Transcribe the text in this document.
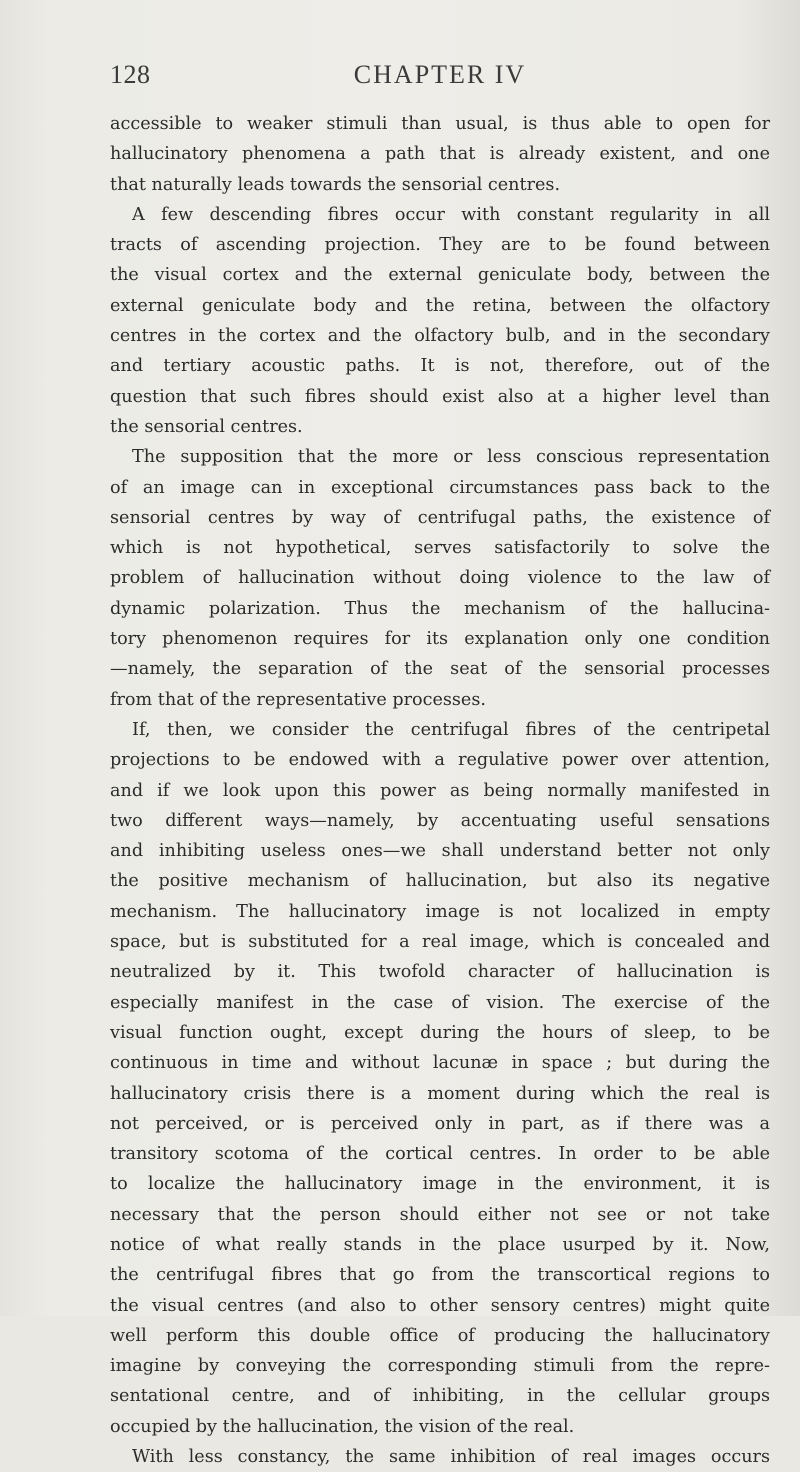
128	CHAPTER IV
accessible to weaker stimuli than usual, is thus able to open for
hallucinatory phenomena a path that is already existent, and one
that naturally leads towards the sensorial centres.
A few descending fibres occur with constant regularity in all
tracts of ascending projection. They are to be found between
the visual cortex and the external geniculate body, between the
external geniculate body and the retina, between the olfactory
centres in the cortex and the olfactory bulb, and in the secondary
and tertiary acoustic paths. It is not, therefore, out of the
question that such fibres should exist also at a higher level than
the sensorial centres.
The supposition that the more or less conscious representation
of an image can in exceptional circumstances pass back to the
sensorial centres by way of centrifugal paths, the existence of
which is not hypothetical, serves satisfactorily to solve the
problem of hallucination without doing violence to the law of
dynamic polarization. Thus the mechanism of the hallucina-
tory phenomenon requires for its explanation only one condition
—namely, the separation of the seat of the sensorial processes
from that of the representative processes.
If, then, we consider the centrifugal fibres of the centripetal
projections to be endowed with a regulative power over attention,
and if we look upon this power as being normally manifested in
two different ways—namely, by accentuating useful sensations
and inhibiting useless ones—we shall understand better not only
the positive mechanism of hallucination, but also its negative
mechanism. The hallucinatory image is not localized in empty
space, but is substituted for a real image, which is concealed and
neutralized by it. This twofold character of hallucination is
especially manifest in the case of vision. The exercise of the
visual function ought, except during the hours of sleep, to be
continuous in time and without lacunæ in space ; but during the
hallucinatory crisis there is a moment during which the real is
not perceived, or is perceived only in part, as if there was a
transitory scotoma of the cortical centres. In order to be able
to localize the hallucinatory image in the environment, it is
necessary that the person should either not see or not take
notice of what really stands in the place usurped by it. Now,
the centrifugal fibres that go from the transcortical regions to
the visual centres (and also to other sensory centres) might quite
well perform this double office of producing the hallucinatory
imagine by conveying the corresponding stimuli from the repre-
sentational centre, and of inhibiting, in the cellular groups
occupied by the hallucination, the vision of the real.
With less constancy, the same inhibition of real images occurs
